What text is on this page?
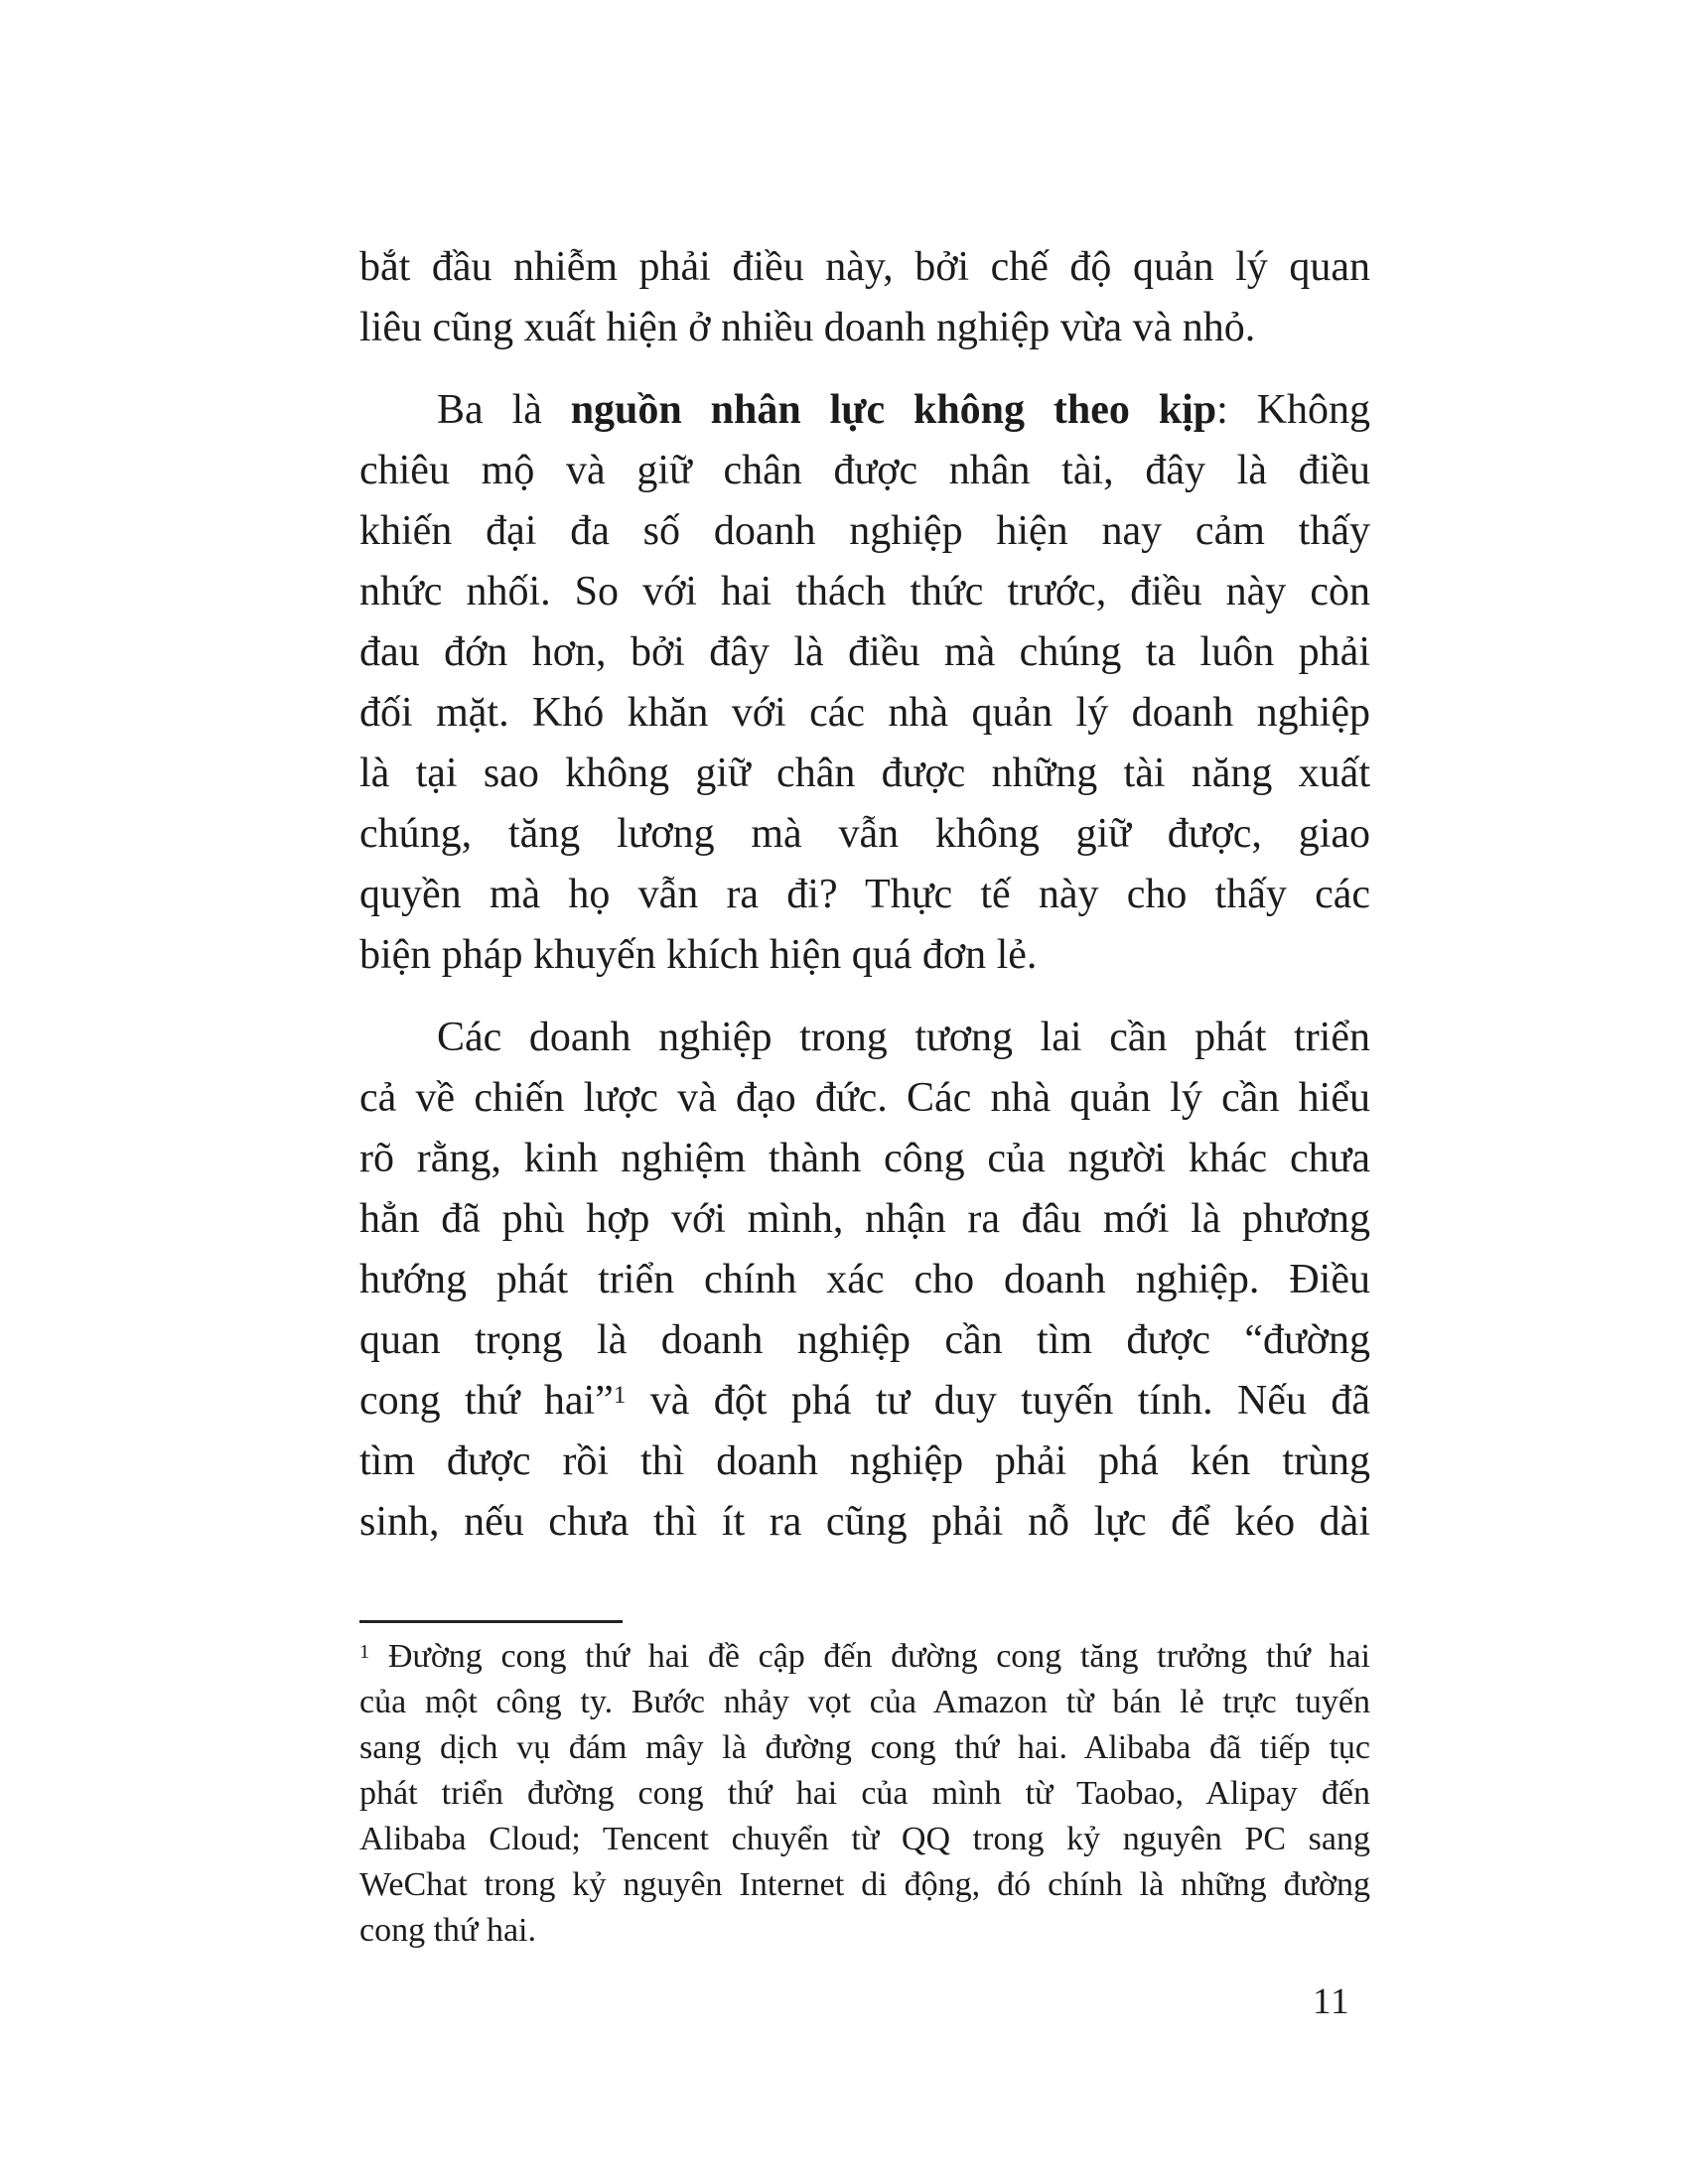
bắt đầu nhiễm phải điều này, bởi chế độ quản lý quan
liêu cũng xuất hiện ở nhiều doanh nghiệp vừa và nhỏ.
Ba là nguồn nhân lực không theo kịp: Không
chiêu mộ và giữ chân được nhân tài, đây là điều
khiến đại đa số doanh nghiệp hiện nay cảm thấy
nhức nhối. So với hai thách thức trước, điều này còn
đau đớn hơn, bởi đây là điều mà chúng ta luôn phải
đối mặt. Khó khăn với các nhà quản lý doanh nghiệp
là tại sao không giữ chân được những tài năng xuất
chúng, tăng lương mà vẫn không giữ được, giao
quyền mà họ vẫn ra đi? Thực tế này cho thấy các
biện pháp khuyến khích hiện quá đơn lẻ.
Các doanh nghiệp trong tương lai cần phát triển
cả về chiến lược và đạo đức. Các nhà quản lý cần hiểu
rõ rằng, kinh nghiệm thành công của người khác chưa
hẳn đã phù hợp với mình, nhận ra đâu mới là phương
hướng phát triển chính xác cho doanh nghiệp. Điều
quan trọng là doanh nghiệp cần tìm được “đường
cong thứ hai”$^1$ và đột phá tư duy tuyến tính. Nếu đã
tìm được rồi thì doanh nghiệp phải phá kén trùng
sinh, nếu chưa thì ít ra cũng phải nỗ lực để kéo dài
$^1$ Đường cong thứ hai đề cập đến đường cong tăng trưởng thứ hai
của một công ty. Bước nhảy vọt của Amazon từ bán lẻ trực tuyến
sang dịch vụ đám mây là đường cong thứ hai. Alibaba đã tiếp tục
phát triển đường cong thứ hai của mình từ Taobao, Alipay đến
Alibaba Cloud; Tencent chuyển từ QQ trong kỷ nguyên PC sang
WeChat trong kỷ nguyên Internet di động, đó chính là những đường
cong thứ hai.
11
